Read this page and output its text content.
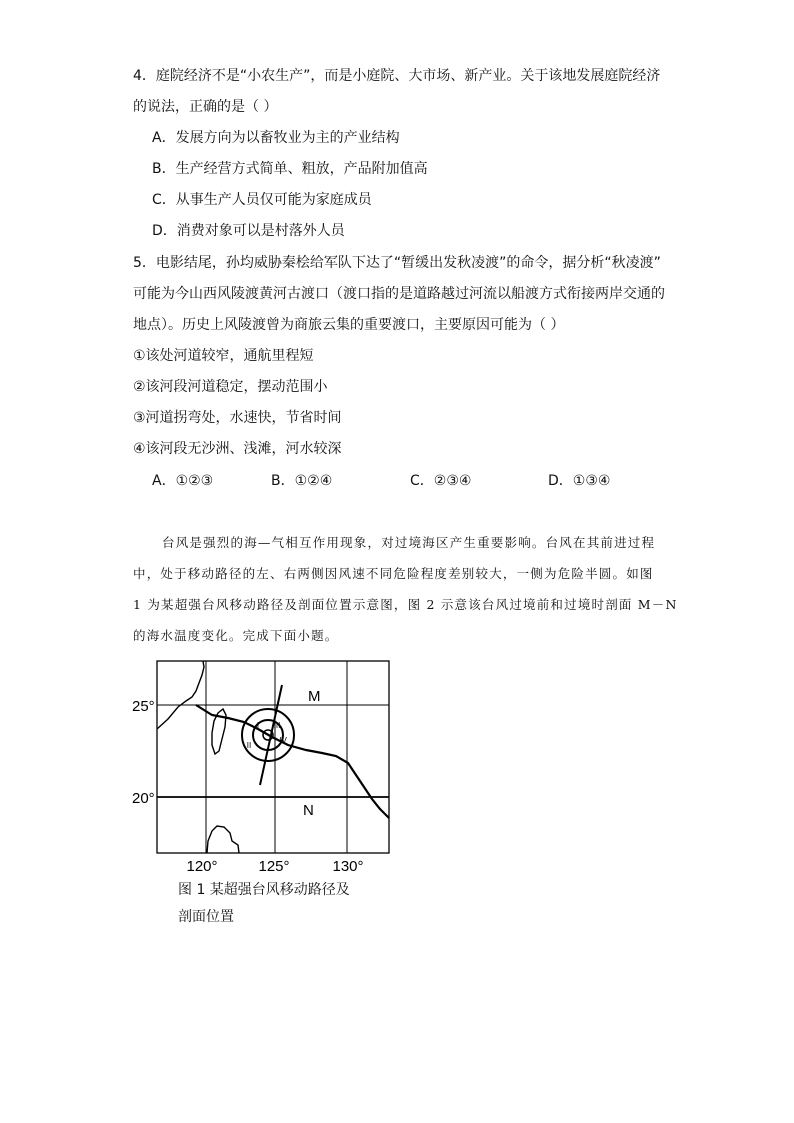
4．庭院经济不是“小农生产”，而是小庭院、大市场、新产业。关于该地发展庭院经济
的说法，正确的是（ ）
A．发展方向为以畜牧业为主的产业结构
B．生产经营方式简单、粗放，产品附加值高
C．从事生产人员仅可能为家庭成员
D．消费对象可以是村落外人员
5．电影结尾，孙均威胁秦桧给军队下达了“暂缓出发秋凌渡”的命令，据分析“秋凌渡”
可能为今山西风陵渡黄河古渡口（渡口指的是道路越过河流以船渡方式衔接两岸交通的
地点）。历史上风陵渡曾为商旅云集的重要渡口，主要原因可能为（ ）
①该处河道较窄，通航里程短
②该河段河道稳定，摆动范围小
③河道拐弯处，水速快，节省时间
④该河段无沙洲、浅滩，河水较深
A．①②③	B．①②④	C．②③④	D．①③④
台风是强烈的海—气相互作用现象，对过境海区产生重要影响。台风在其前进过程
中，处于移动路径的左、右两侧因风速不同危险程度差别较大，一侧为危险半圆。如图
1 为某超强台风移动路径及剖面位置示意图，图 2 示意该台风过境前和过境时剖面 M－N
的海水温度变化。完成下面小题。
I
II
III
IV
M
N
25°
20°
120°	125°	130°
图 1 某超强台风移动路径及
剖面位置
